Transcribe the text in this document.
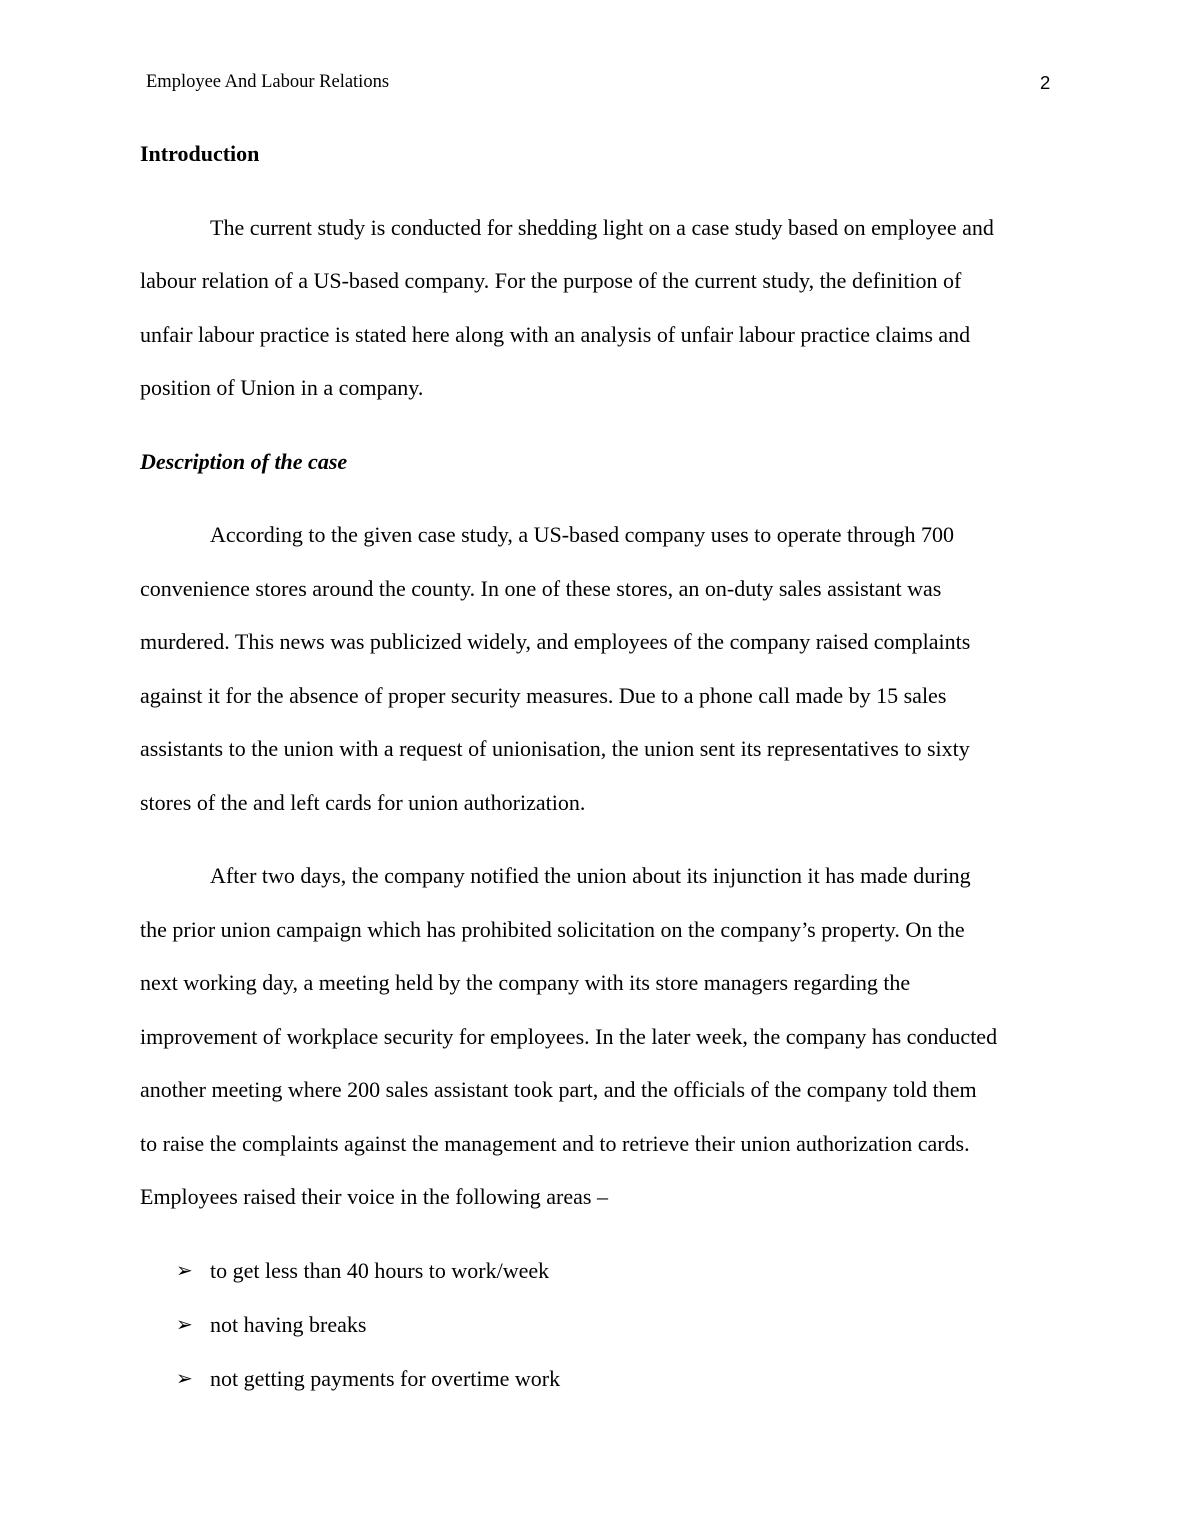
Employee And Labour Relations	2
Introduction
The current study is conducted for shedding light on a case study based on employee and
labour relation of a US-based company. For the purpose of the current study, the definition of
unfair labour practice is stated here along with an analysis of unfair labour practice claims and
position of Union in a company.
Description of the case
According to the given case study, a US-based company uses to operate through 700
convenience stores around the county. In one of these stores, an on-duty sales assistant was
murdered. This news was publicized widely, and employees of the company raised complaints
against it for the absence of proper security measures. Due to a phone call made by 15 sales
assistants to the union with a request of unionisation, the union sent its representatives to sixty
stores of the and left cards for union authorization.
After two days, the company notified the union about its injunction it has made during
the prior union campaign which has prohibited solicitation on the company’s property. On the
next working day, a meeting held by the company with its store managers regarding the
improvement of workplace security for employees. In the later week, the company has conducted
another meeting where 200 sales assistant took part, and the officials of the company told them
to raise the complaints against the management and to retrieve their union authorization cards.
Employees raised their voice in the following areas –
➢ to get less than 40 hours to work/week
➢ not having breaks
➢ not getting payments for overtime work
